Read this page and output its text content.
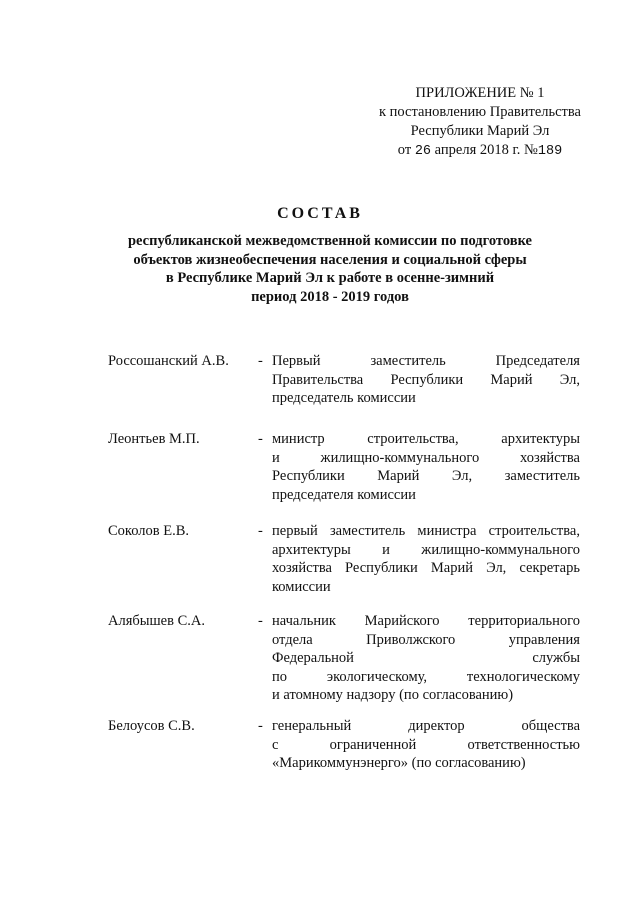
ПРИЛОЖЕНИЕ № 1
к постановлению Правительства
Республики Марий Эл
от 26 апреля 2018 г. №189
СОСТАВ
республиканской межведомственной комиссии по подготовке
объектов жизнеобеспечения населения и социальной сферы
в Республике Марий Эл к работе в осенне-зимний
период 2018 - 2019 годов
Россошанский А.В. - Первый	заместитель	Председателя
Правительства Республики Марий Эл,
председатель комиссии
Леонтьев М.П.	- министр	строительства,	архитектуры
и	жилищно-коммунального	хозяйства
Республики Марий Эл, заместитель
председателя комиссии
Соколов Е.В.	- первый заместитель министра строительства,
архитектуры и жилищно-коммунального
хозяйства Республики Марий Эл, секретарь
комиссии
Алябышев С.А.	- начальник Марийского территориального
отдела	Приволжского	управления
Федеральной	службы
по	экологическому,	технологическому
и атомному надзору (по согласованию)
Белоусов С.В.	- генеральный	директор	общества
с	ограниченной	ответственностью
«Марикоммунэнерго» (по согласованию)
